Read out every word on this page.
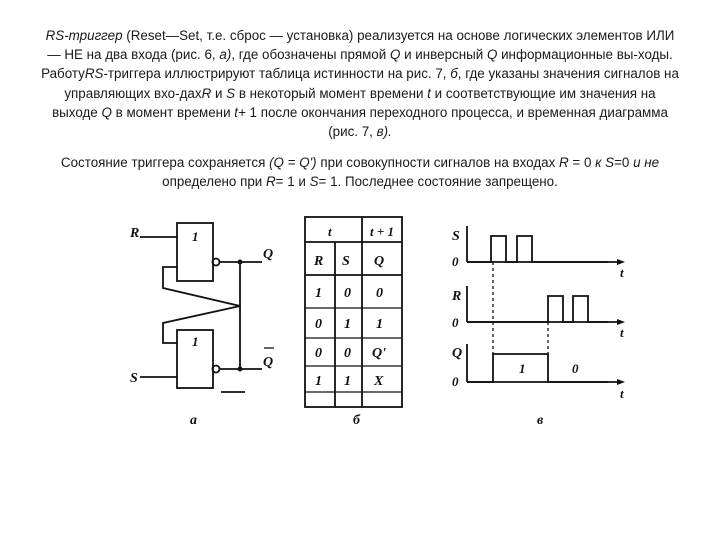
RS-триггер (Reset—Set, т.е. сброс — установка) реализуется на основе логических элементов ИЛИ — НЕ на два входа (рис. 6, а), где обозначены прямой Q и инверсный Q информационные вы-ходы. РаботуRS-триггера иллюстрируют таблица истинности на рис. 7, б, где указаны значения сигналов на управляющих вхо-дахR и S в некоторый момент времени t и соответствующие им значения на выходе Q в момент времени t+ 1 после окончания переходного процесса, и временная диаграмма (рис. 7, в).

Состояние триггера сохраняется (Q = Q') при совокупности сигналов на входах R = 0 к S=0 и не определено при R= 1 и S= 1. Последнее состояние запрещено.

R
S
1
1
Q
Q
а
t	t + 1
R S Q
1 0 0
0 1 1
0 0 Q'
1 1 X
б
S
0
R
0
Q
0
1	0
t
t
t
в
